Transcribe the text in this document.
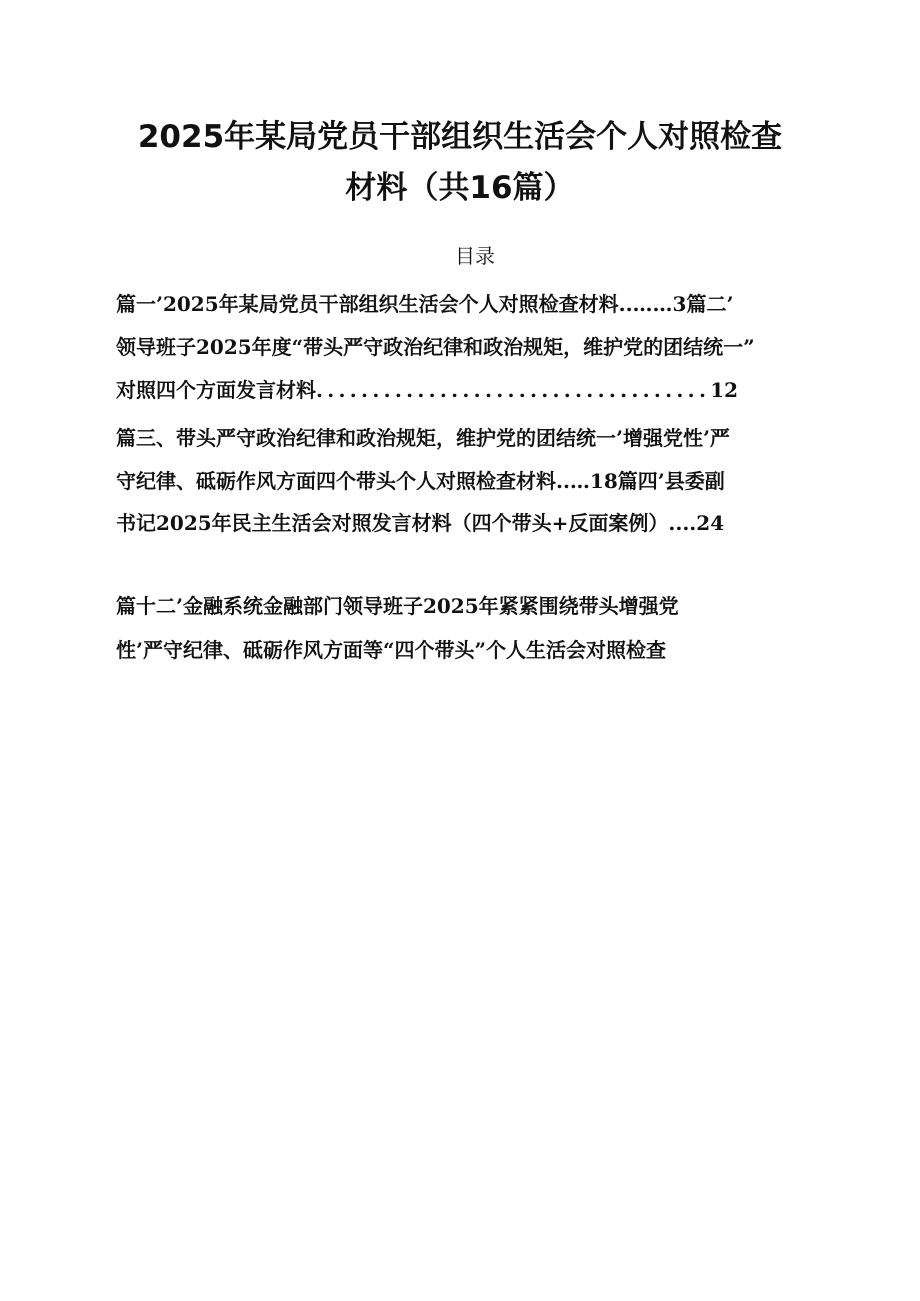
2025年某局党员干部组织生活会个人对照检查
材料（共16篇）
目录
篇一’2025年某局党员干部组织生活会个人对照检查材料..……3篇二’
领导班子2025年度“带头严守政治纪律和政治规矩，维护党的团结统一”
对照四个方面发言材料...................................12
篇三、带头严守政治纪律和政治规矩，维护党的团结统一’增强党性’严
守纪律、砥砺作风方面四个带头个人对照检查材料..…18篇四’县委副
书记2025年民主生活会对照发言材料（四个带头+反面案例）....24
篇十二’金融系统金融部门领导班子2025年紧紧围绕带头增强党
性’严守纪律、砥砺作风方面等“四个带头”个人生活会对照检查
